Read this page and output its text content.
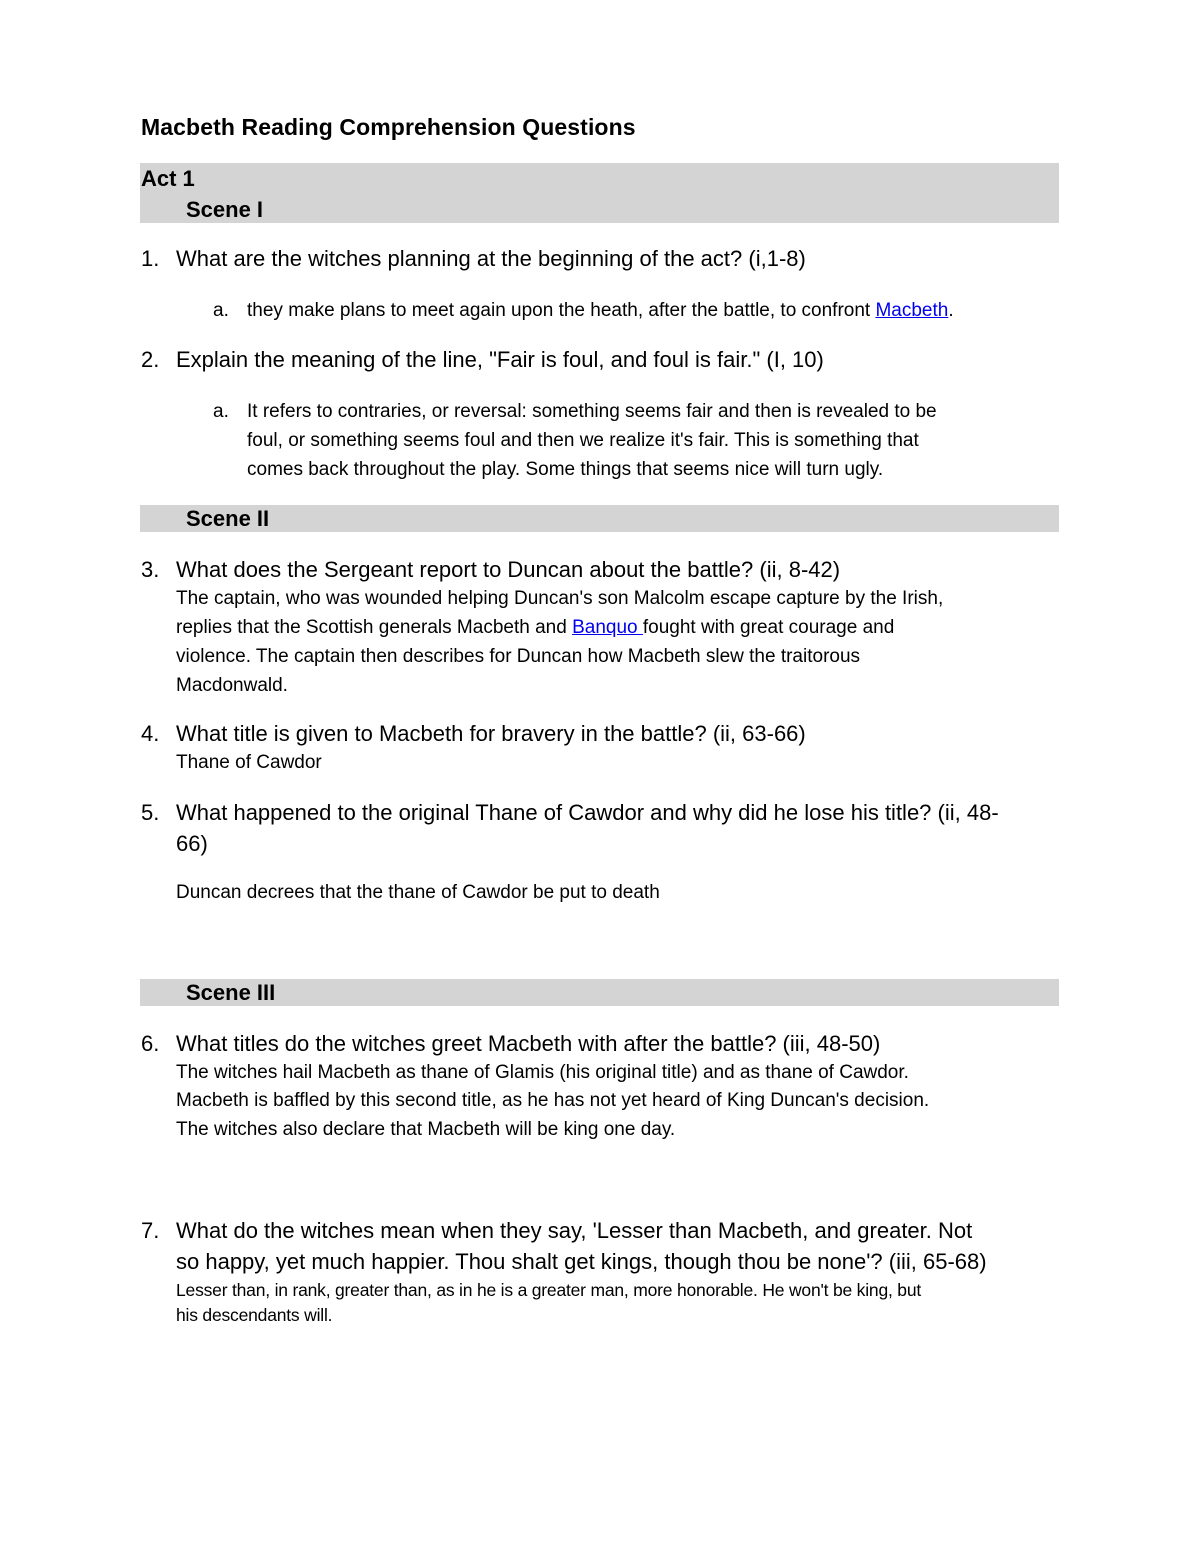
Macbeth Reading Comprehension Questions
Act 1
Scene I
1. What are the witches planning at the beginning of the act? (i,1-8)
a. they make plans to meet again upon the heath, after the battle, to confront Macbeth.
2. Explain the meaning of the line, "Fair is foul, and foul is fair." (I, 10)
a. It refers to contraries, or reversal: something seems fair and then is revealed to be
foul, or something seems foul and then we realize it's fair. This is something that
comes back throughout the play. Some things that seems nice will turn ugly.
Scene II
3. What does the Sergeant report to Duncan about the battle? (ii, 8-42)
The captain, who was wounded helping Duncan's son Malcolm escape capture by the Irish,
replies that the Scottish generals Macbeth and Banquo fought with great courage and
violence. The captain then describes for Duncan how Macbeth slew the traitorous
Macdonwald.
4. What title is given to Macbeth for bravery in the battle? (ii, 63-66)
Thane of Cawdor
5. What happened to the original Thane of Cawdor and why did he lose his title? (ii, 48-
66)
Duncan decrees that the thane of Cawdor be put to death
Scene III
6. What titles do the witches greet Macbeth with after the battle? (iii, 48-50)
The witches hail Macbeth as thane of Glamis (his original title) and as thane of Cawdor.
Macbeth is baffled by this second title, as he has not yet heard of King Duncan's decision.
The witches also declare that Macbeth will be king one day.
7. What do the witches mean when they say, 'Lesser than Macbeth, and greater. Not
so happy, yet much happier. Thou shalt get kings, though thou be none'? (iii, 65-68)
Lesser than, in rank, greater than, as in he is a greater man, more honorable. He won't be king, but
his descendants will.
